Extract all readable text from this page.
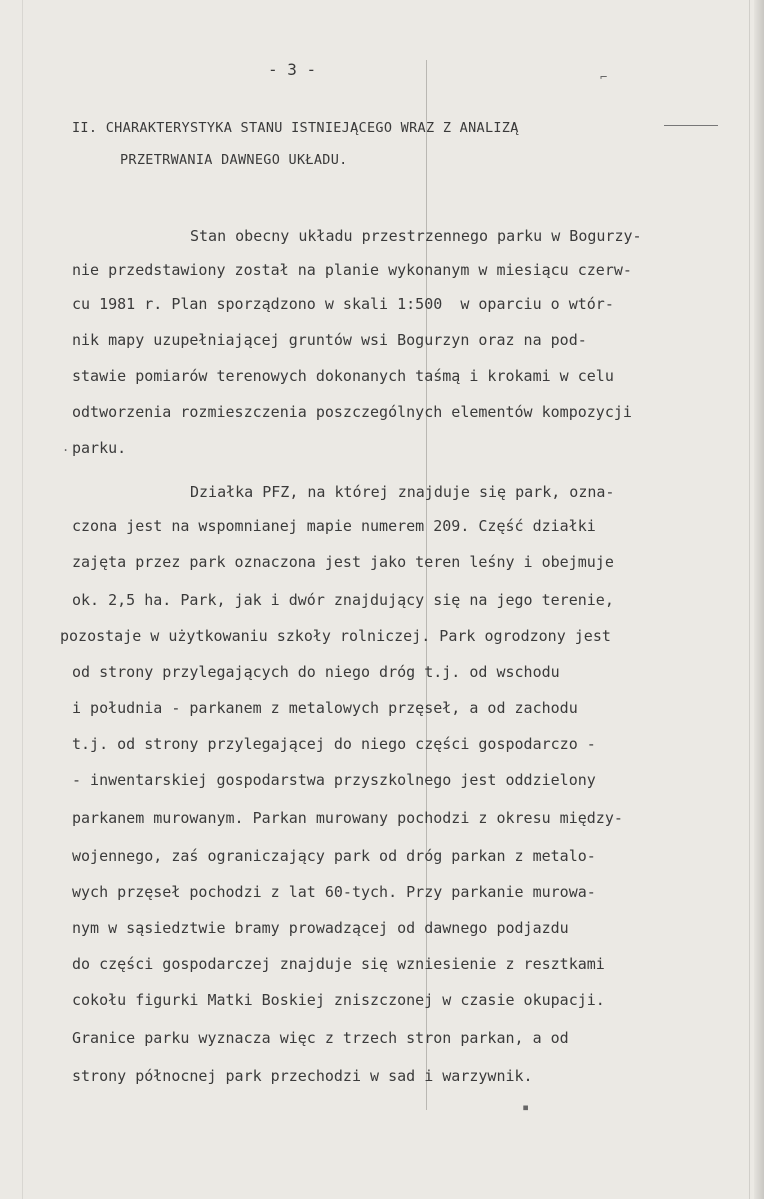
- 3 -
II. CHARAKTERYSTYKA STANU ISTNIEJĄCEGO WRAZ Z ANALIZĄ
PRZETRWANIA DAWNEGO UKŁADU.
⌐
.
▪
Stan obecny układu przestrzennego parku w Bogurzy-
nie przedstawiony został na planie wykonanym w miesiącu czerw-
cu 1981 r. Plan sporządzono w skali 1:500  w oparciu o wtór-
nik mapy uzupełniającej gruntów wsi Bogurzyn oraz na pod-
stawie pomiarów terenowych dokonanych taśmą i krokami w celu
odtworzenia rozmieszczenia poszczególnych elementów kompozycji
parku.
Działka PFZ, na której znajduje się park, ozna-
czona jest na wspomnianej mapie numerem 209. Część działki
zajęta przez park oznaczona jest jako teren leśny i obejmuje
ok. 2,5 ha. Park, jak i dwór znajdujący się na jego terenie,
pozostaje w użytkowaniu szkoły rolniczej. Park ogrodzony jest
od strony przylegających do niego dróg t.j. od wschodu
i południa - parkanem z metalowych przęseł, a od zachodu
t.j. od strony przylegającej do niego części gospodarczo -
- inwentarskiej gospodarstwa przyszkolnego jest oddzielony
parkanem murowanym. Parkan murowany pochodzi z okresu między-
wojennego, zaś ograniczający park od dróg parkan z metalo-
wych przęseł pochodzi z lat 60-tych. Przy parkanie murowa-
nym w sąsiedztwie bramy prowadzącej od dawnego podjazdu
do części gospodarczej znajduje się wzniesienie z resztkami
cokołu figurki Matki Boskiej zniszczonej w czasie okupacji.
Granice parku wyznacza więc z trzech stron parkan, a od
strony północnej park przechodzi w sad i warzywnik.
